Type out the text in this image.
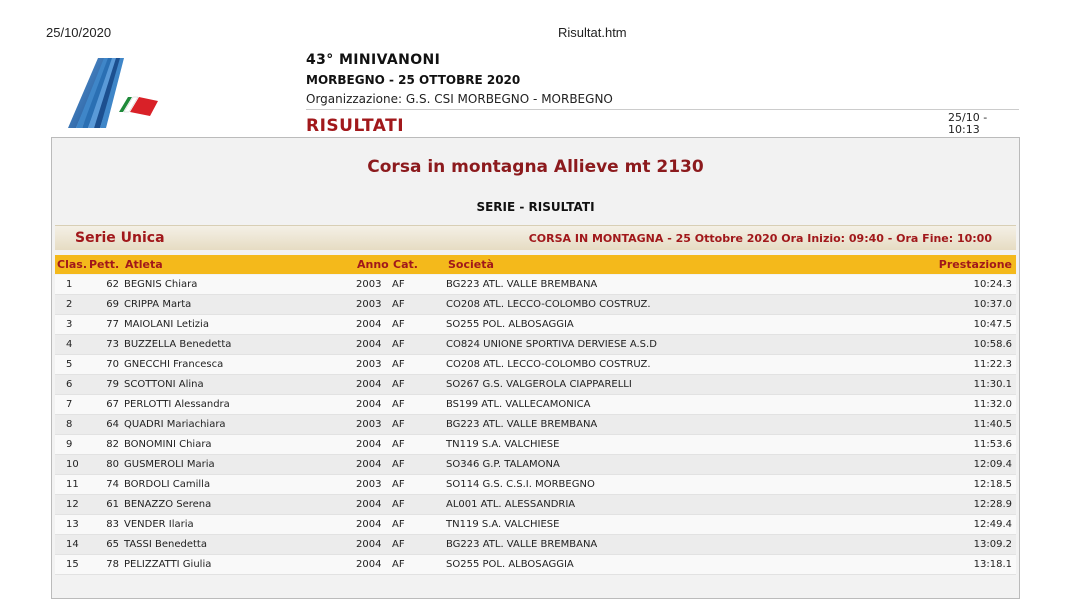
25/10/2020	Risultat.htm
43° MINIVANONI
MORBEGNO - 25 OTTOBRE 2020
Organizzazione: G.S. CSI MORBEGNO - MORBEGNO
RISULTATI	25/10 -
10:13
Corsa in montagna Allieve mt 2130
SERIE - RISULTATI
Serie Unica	CORSA IN MONTAGNA - 25 Ottobre 2020 Ora Inizio: 09:40 - Ora Fine: 10:00
Clas. Pett. Atleta	Anno Cat.	Società	Prestazione
1	62 BEGNIS Chiara	2003 AF	BG223 ATL. VALLE BREMBANA	10:24.3
2	69 CRIPPA Marta	2003 AF	CO208 ATL. LECCO-COLOMBO COSTRUZ.	10:37.0
3	77 MAIOLANI Letizia	2004 AF	SO255 POL. ALBOSAGGIA	10:47.5
4	73 BUZZELLA Benedetta	2004 AF	CO824 UNIONE SPORTIVA DERVIESE A.S.D	10:58.6
5	70 GNECCHI Francesca	2003 AF	CO208 ATL. LECCO-COLOMBO COSTRUZ.	11:22.3
6	79 SCOTTONI Alina	2004 AF	SO267 G.S. VALGEROLA CIAPPARELLI	11:30.1
7	67 PERLOTTI Alessandra	2004 AF	BS199 ATL. VALLECAMONICA	11:32.0
8	64 QUADRI Mariachiara	2003 AF	BG223 ATL. VALLE BREMBANA	11:40.5
9	82 BONOMINI Chiara	2004 AF	TN119 S.A. VALCHIESE	11:53.6
10	80 GUSMEROLI Maria	2004 AF	SO346 G.P. TALAMONA	12:09.4
11	74 BORDOLI Camilla	2003 AF	SO114 G.S. C.S.I. MORBEGNO	12:18.5
12	61 BENAZZO Serena	2004 AF	AL001 ATL. ALESSANDRIA	12:28.9
13	83 VENDER Ilaria	2004 AF	TN119 S.A. VALCHIESE	12:49.4
14	65 TASSI Benedetta	2004 AF	BG223 ATL. VALLE BREMBANA	13:09.2
15	78 PELIZZATTI Giulia	2004 AF	SO255 POL. ALBOSAGGIA	13:18.1
